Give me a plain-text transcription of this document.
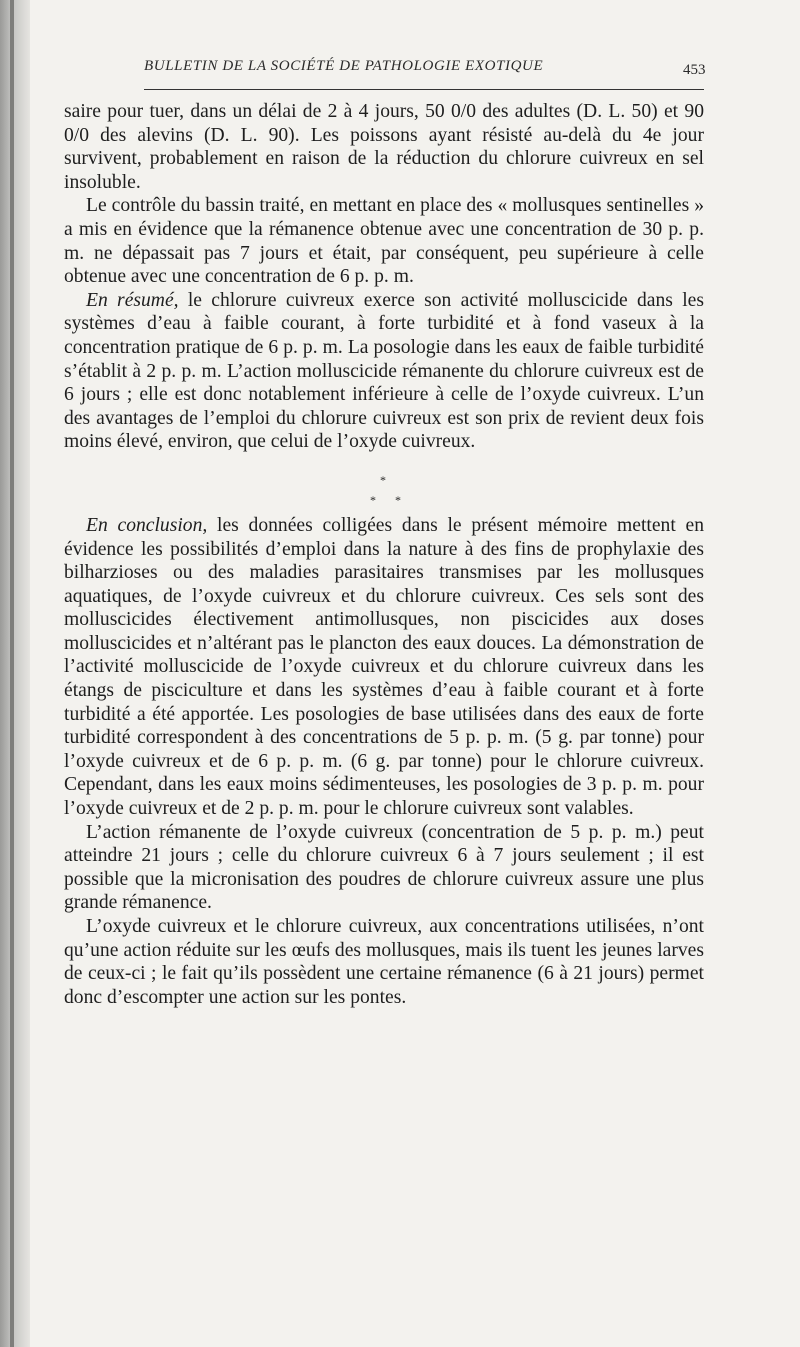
BULLETIN DE LA SOCIÉTÉ DE PATHOLOGIE EXOTIQUE	453

saire pour tuer, dans un délai de 2 à 4 jours, 50 0/0 des adultes (D. L. 50) et 90 0/0 des alevins (D. L. 90). Les poissons ayant résisté au-delà du 4e jour survivent, probablement en raison de la réduction du chlorure cuivreux en sel insoluble.

Le contrôle du bassin traité, en mettant en place des « mollusques sentinelles » a mis en évidence que la rémanence obtenue avec une concentration de 30 p. p. m. ne dépassait pas 7 jours et était, par conséquent, peu supérieure à celle obtenue avec une concentration de 6 p. p. m.

En résumé, le chlorure cuivreux exerce son activité molluscicide dans les systèmes d’eau à faible courant, à forte turbidité et à fond vaseux à la concentration pratique de 6 p. p. m. La posologie dans les eaux de faible turbidité s’établit à 2 p. p. m. L’action molluscicide rémanente du chlorure cuivreux est de 6 jours ; elle est donc notablement inférieure à celle de l’oxyde cuivreux. L’un des avantages de l’emploi du chlorure cuivreux est son prix de revient deux fois moins élevé, environ, que celui de l’oxyde cuivreux.

*
* *

En conclusion, les données colligées dans le présent mémoire mettent en évidence les possibilités d’emploi dans la nature à des fins de prophylaxie des bilharzioses ou des maladies parasitaires transmises par les mollusques aquatiques, de l’oxyde cuivreux et du chlorure cuivreux. Ces sels sont des molluscicides électivement antimollusques, non piscicides aux doses molluscicides et n’altérant pas le plancton des eaux douces. La démonstration de l’activité molluscicide de l’oxyde cuivreux et du chlorure cuivreux dans les étangs de pisciculture et dans les systèmes d’eau à faible courant et à forte turbidité a été apportée. Les posologies de base utilisées dans des eaux de forte turbidité correspondent à des concentrations de 5 p. p. m. (5 g. par tonne) pour l’oxyde cuivreux et de 6 p. p. m. (6 g. par tonne) pour le chlorure cuivreux. Cependant, dans les eaux moins sédimenteuses, les posologies de 3 p. p. m. pour l’oxyde cuivreux et de 2 p. p. m. pour le chlorure cuivreux sont valables.

L’action rémanente de l’oxyde cuivreux (concentration de 5 p. p. m.) peut atteindre 21 jours ; celle du chlorure cuivreux 6 à 7 jours seulement ; il est possible que la micronisation des poudres de chlorure cuivreux assure une plus grande rémanence.

L’oxyde cuivreux et le chlorure cuivreux, aux concentrations utilisées, n’ont qu’une action réduite sur les œufs des mollusques, mais ils tuent les jeunes larves de ceux-ci ; le fait qu’ils possèdent une certaine rémanence (6 à 21 jours) permet donc d’escompter une action sur les pontes.
